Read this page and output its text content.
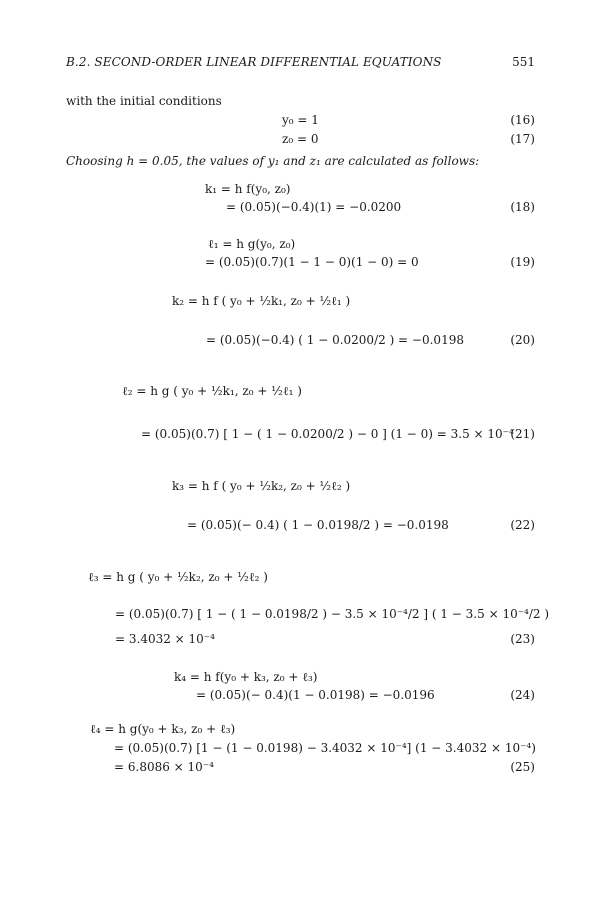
B.2. SECOND-ORDER LINEAR DIFFERENTIAL EQUATIONS	551
with the initial conditions
y₀ = 1	(16)
z₀ = 0	(17)
Choosing h = 0.05, the values of y₁ and z₁ are calculated as follows:
k₁ = h f(y₀, z₀)
= (0.05)(−0.4)(1) = −0.0200	(18)
ℓ₁ = h g(y₀, z₀)
= (0.05)(0.7)(1 − 1 − 0)(1 − 0) = 0	(19)
k₂ = h f ( y₀ + ½k₁, z₀ + ½ℓ₁ )
= (0.05)(−0.4) ( 1 − 0.0200/2 ) = −0.0198	(20)
ℓ₂ = h g ( y₀ + ½k₁, z₀ + ½ℓ₁ )
= (0.05)(0.7) [ 1 − ( 1 − 0.0200/2 ) − 0 ] (1 − 0) = 3.5 × 10⁻⁴
(21)
k₃ = h f ( y₀ + ½k₂, z₀ + ½ℓ₂ )
= (0.05)(− 0.4) ( 1 − 0.0198/2 ) = −0.0198	(22)
ℓ₃ = h g ( y₀ + ½k₂, z₀ + ½ℓ₂ )
= (0.05)(0.7) [ 1 − ( 1 − 0.0198/2 ) − 3.5 × 10⁻⁴/2 ] ( 1 − 3.5 × 10⁻⁴/2 )
= 3.4032 × 10⁻⁴	(23)
k₄ = h f(y₀ + k₃, z₀ + ℓ₃)
= (0.05)(− 0.4)(1 − 0.0198) = −0.0196	(24)
ℓ₄ = h g(y₀ + k₃, z₀ + ℓ₃)
= (0.05)(0.7) [1 − (1 − 0.0198) − 3.4032 × 10⁻⁴] (1 − 3.4032 × 10⁻⁴)
= 6.8086 × 10⁻⁴	(25)
